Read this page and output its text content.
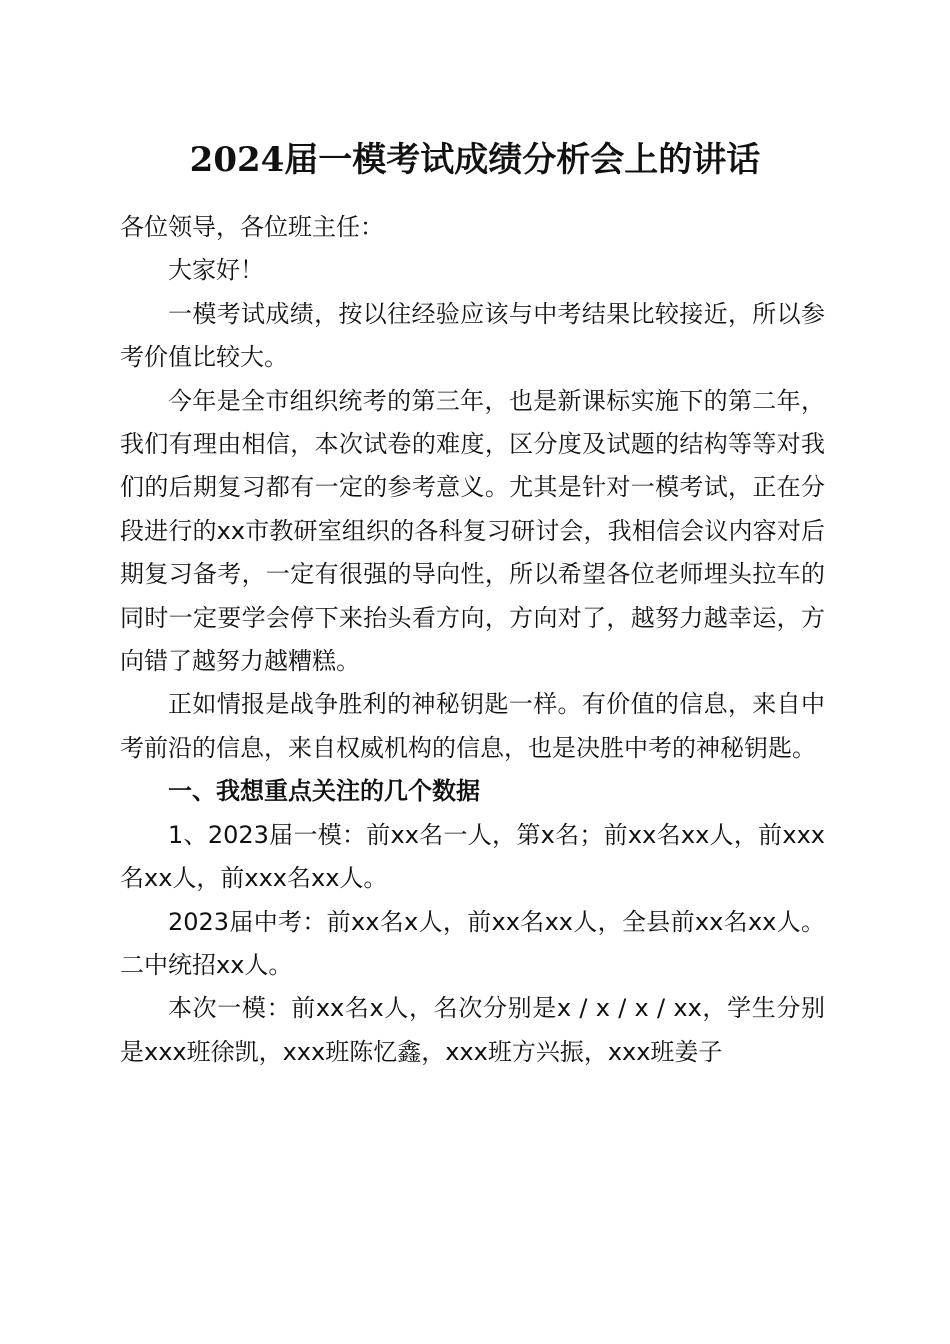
2024届一模考试成绩分析会上的讲话

各位领导，各位班主任：

大家好！

一模考试成绩，按以往经验应该与中考结果比较接近，所以参考价值比较大。

今年是全市组织统考的第三年，也是新课标实施下的第二年，我们有理由相信，本次试卷的难度，区分度及试题的结构等等对我们的后期复习都有一定的参考意义。尤其是针对一模考试，正在分段进行的xx市教研室组织的各科复习研讨会，我相信会议内容对后期复习备考，一定有很强的导向性，所以希望各位老师埋头拉车的同时一定要学会停下来抬头看方向，方向对了，越努力越幸运，方向错了越努力越糟糕。

正如情报是战争胜利的神秘钥匙一样。有价值的信息，来自中考前沿的信息，来自权威机构的信息，也是决胜中考的神秘钥匙。

一、我想重点关注的几个数据

1、2023届一模：前xx名一人，第x名；前xx名xx人，前xxx名xx人，前xxx名xx人。

2023届中考：前xx名x人，前xx名xx人，全县前xx名xx人。二中统招xx人。

本次一模：前xx名x人，名次分别是x / x / x / xx，学生分别是xxx班徐凯，xxx班陈忆鑫，xxx班方兴振，xxx班姜子
